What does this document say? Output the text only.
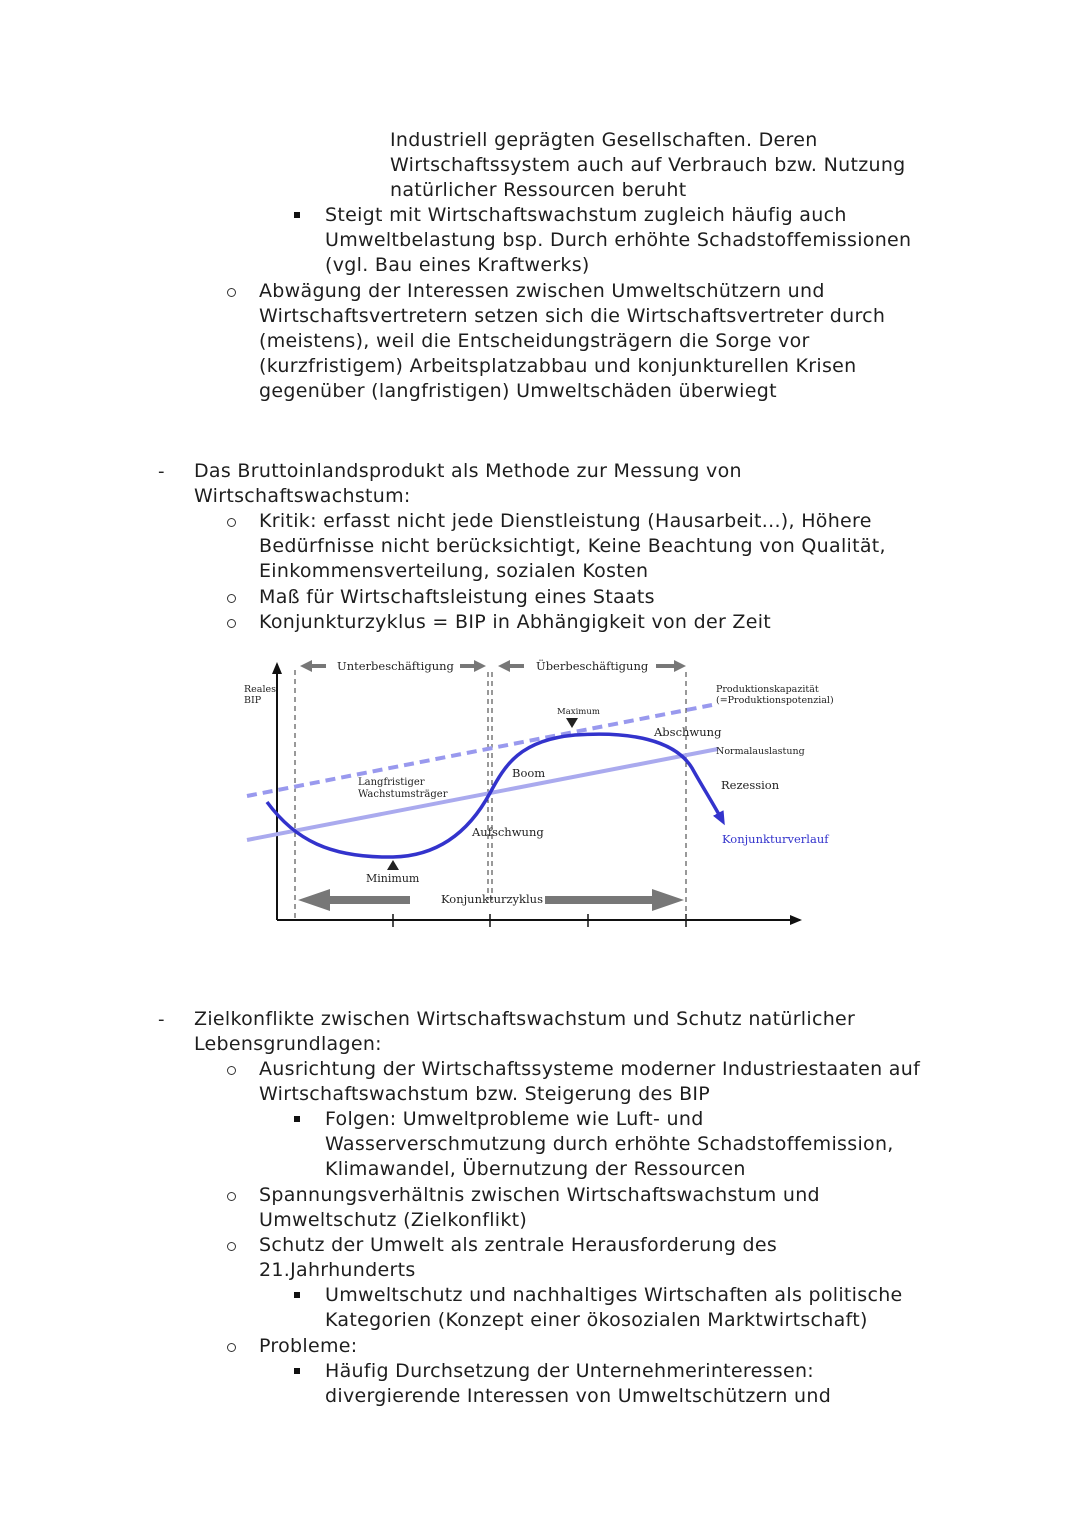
Industriell geprägten Gesellschaften. Deren
Wirtschaftssystem auch auf Verbrauch bzw. Nutzung
natürlicher Ressourcen beruht
Steigt mit Wirtschaftswachstum zugleich häufig auch
Umweltbelastung bsp. Durch erhöhte Schadstoffemissionen
(vgl. Bau eines Kraftwerks)
Abwägung der Interessen zwischen Umweltschützern und
Wirtschaftsvertretern setzen sich die Wirtschaftsvertreter durch
(meistens), weil die Entscheidungsträgern die Sorge vor
(kurzfristigem) Arbeitsplatzabbau und konjunkturellen Krisen
gegenüber (langfristigen) Umweltschäden überwiegt
- Das Bruttoinlandsprodukt als Methode zur Messung von
Wirtschaftswachstum:
Kritik: erfasst nicht jede Dienstleistung (Hausarbeit...), Höhere
Bedürfnisse nicht berücksichtigt, Keine Beachtung von Qualität,
Einkommensverteilung, sozialen Kosten
Maß für Wirtschaftsleistung eines Staats
Konjunkturzyklus = BIP in Abhängigkeit von der Zeit
Reales
BIP
Unterbeschäftigung	Überbeschäftigung
Produktionskapazität
(=Produktionspotenzial)
Maximum
Abschwung
Normalauslastung
Boom
Rezession
Langfristiger
Wachstumsträger
Aufschwung	Konjunkturverlauf
Minimum
Konjunkturzyklus
- Zielkonflikte zwischen Wirtschaftswachstum und Schutz natürlicher
Lebensgrundlagen:
Ausrichtung der Wirtschaftssysteme moderner Industriestaaten auf
Wirtschaftswachstum bzw. Steigerung des BIP
Folgen: Umweltprobleme wie Luft- und
Wasserverschmutzung durch erhöhte Schadstoffemission,
Klimawandel, Übernutzung der Ressourcen
Spannungsverhältnis zwischen Wirtschaftswachstum und
Umweltschutz (Zielkonflikt)
Schutz der Umwelt als zentrale Herausforderung des
21.Jahrhunderts
Umweltschutz und nachhaltiges Wirtschaften als politische
Kategorien (Konzept einer ökosozialen Marktwirtschaft)
Probleme:
Häufig Durchsetzung der Unternehmerinteressen:
divergierende Interessen von Umweltschützern und
